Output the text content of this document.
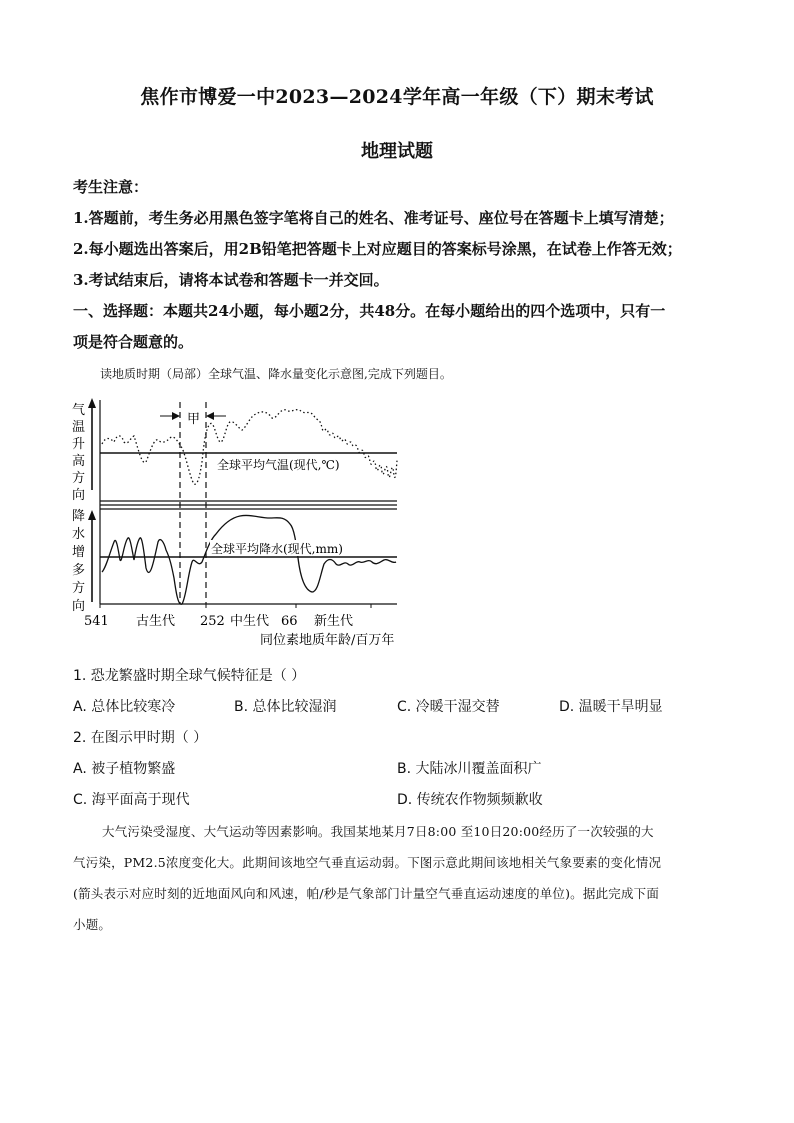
焦作市博爱一中2023—2024学年高一年级（下）期末考试
地理试题
考生注意：
1.答题前，考生务必用黑色签字笔将自己的姓名、准考证号、座位号在答题卡上填写清楚；
2.每小题选出答案后，用2B铅笔把答题卡上对应题目的答案标号涂黑，在试卷上作答无效；
3.考试结束后，请将本试卷和答题卡一并交回。
一、选择题：本题共24小题，每小题2分，共48分。在每小题给出的四个选项中，只有一
项是符合题意的。
读地质时期（局部）全球气温、降水量变化示意图,完成下列题目。
气
温
升
高
方
向
降
水
增
多
方
向
甲
全球平均气温(现代,℃)
全球平均降水(现代,mm)
541 古生代 252 中生代 66 新生代
同位素地质年龄/百万年
1. 恐龙繁盛时期全球气候特征是（ ）
A. 总体比较寒冷	B. 总体比较湿润	C. 冷暖干湿交替	D. 温暖干旱明显
2. 在图示甲时期（ ）
A. 被子植物繁盛	B. 大陆冰川覆盖面积广
C. 海平面高于现代	D. 传统农作物频频歉收
大气污染受湿度、大气运动等因素影响。我国某地某月7日8:00 至10日20:00经历了一次较强的大
气污染，PM2.5浓度变化大。此期间该地空气垂直运动弱。下图示意此期间该地相关气象要素的变化情况
(箭头表示对应时刻的近地面风向和风速，帕/秒是气象部门计量空气垂直运动速度的单位)。据此完成下面
小题。
